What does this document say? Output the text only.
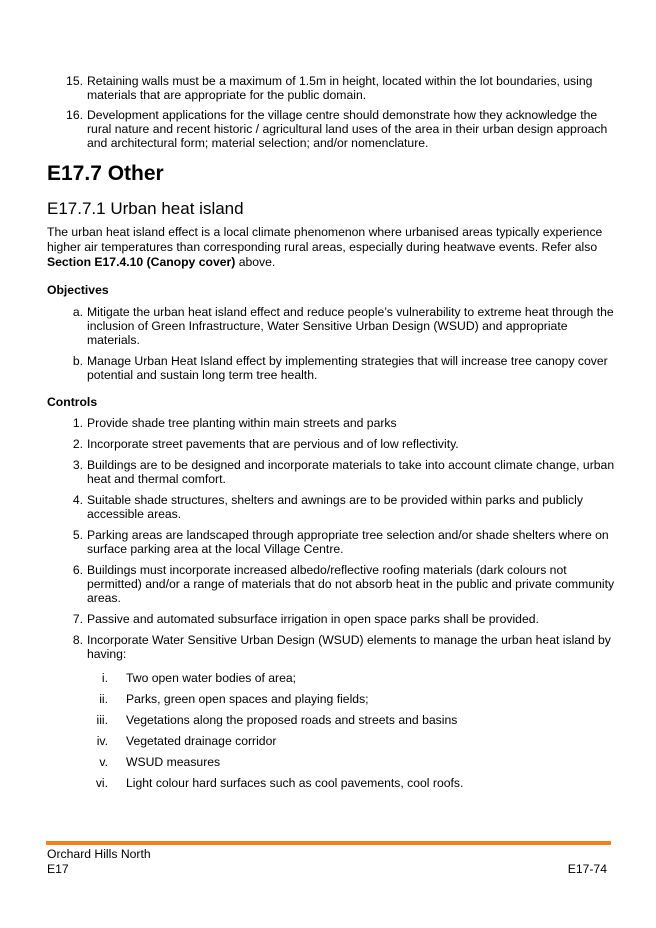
15. Retaining walls must be a maximum of 1.5m in height, located within the lot boundaries, using materials that are appropriate for the public domain.
16. Development applications for the village centre should demonstrate how they acknowledge the rural nature and recent historic / agricultural land uses of the area in their urban design approach and architectural form; material selection; and/or nomenclature.
E17.7 Other
E17.7.1 Urban heat island
The urban heat island effect is a local climate phenomenon where urbanised areas typically experience higher air temperatures than corresponding rural areas, especially during heatwave events. Refer also Section E17.4.10 (Canopy cover) above.
Objectives
a. Mitigate the urban heat island effect and reduce people’s vulnerability to extreme heat through the inclusion of Green Infrastructure, Water Sensitive Urban Design (WSUD) and appropriate materials.
b. Manage Urban Heat Island effect by implementing strategies that will increase tree canopy cover potential and sustain long term tree health.
Controls
1. Provide shade tree planting within main streets and parks
2. Incorporate street pavements that are pervious and of low reflectivity.
3. Buildings are to be designed and incorporate materials to take into account climate change, urban heat and thermal comfort.
4. Suitable shade structures, shelters and awnings are to be provided within parks and publicly accessible areas.
5. Parking areas are landscaped through appropriate tree selection and/or shade shelters where on surface parking area at the local Village Centre.
6. Buildings must incorporate increased albedo/reflective roofing materials (dark colours not permitted) and/or a range of materials that do not absorb heat in the public and private community areas.
7. Passive and automated subsurface irrigation in open space parks shall be provided.
8. Incorporate Water Sensitive Urban Design (WSUD) elements to manage the urban heat island by having:
i. Two open water bodies of area;
ii. Parks, green open spaces and playing fields;
iii. Vegetations along the proposed roads and streets and basins
iv. Vegetated drainage corridor
v. WSUD measures
vi. Light colour hard surfaces such as cool pavements, cool roofs.
Orchard Hills North
E17	E17-74
